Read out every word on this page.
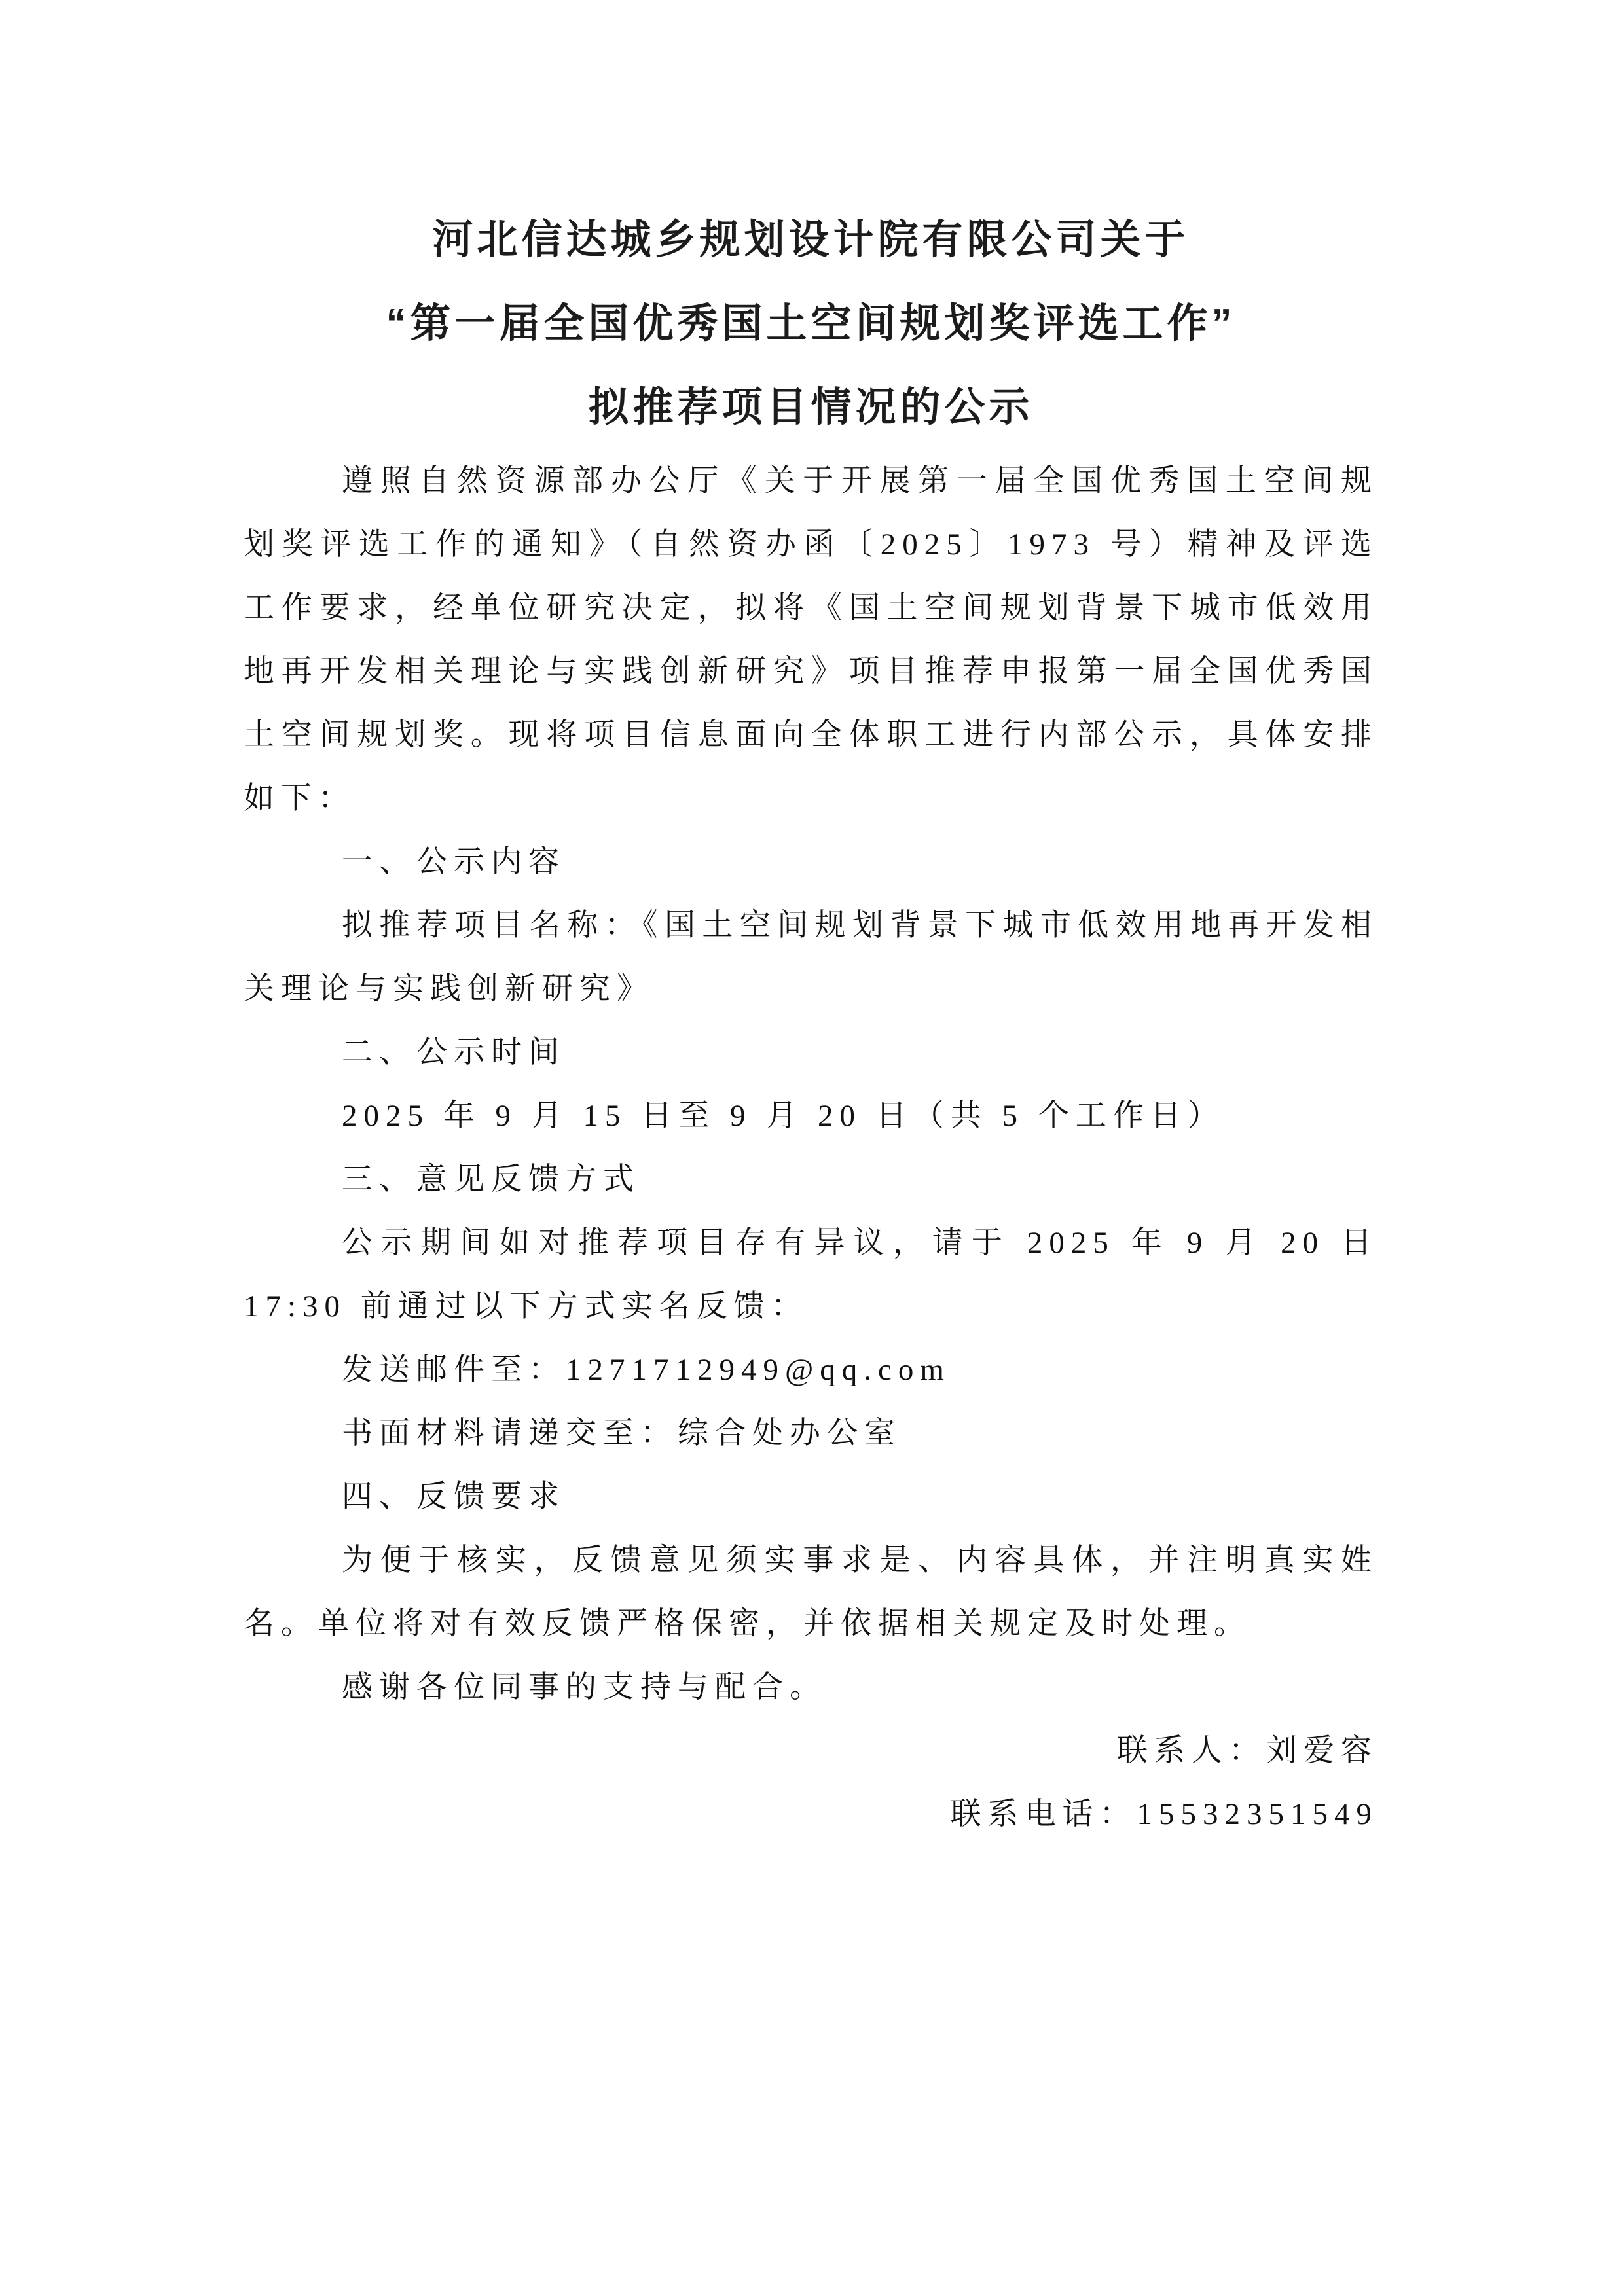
河北信达城乡规划设计院有限公司关于
“第一届全国优秀国土空间规划奖评选工作”
拟推荐项目情况的公示

遵照自然资源部办公厅《关于开展第一届全国优秀国土空间规划奖评选工作的通知》（自然资办函〔2025〕1973 号）精神及评选工作要求，经单位研究决定，拟将《国土空间规划背景下城市低效用地再开发相关理论与实践创新研究》项目推荐申报第一届全国优秀国土空间规划奖。现将项目信息面向全体职工进行内部公示，具体安排如下：

一、公示内容

拟推荐项目名称：《国土空间规划背景下城市低效用地再开发相关理论与实践创新研究》

二、公示时间

2025 年 9 月 15 日至 9 月 20 日（共 5 个工作日）

三、意见反馈方式

公示期间如对推荐项目存有异议，请于 2025 年 9 月 20 日 17:30 前通过以下方式实名反馈：

发送邮件至：1271712949@qq.com

书面材料请递交至：综合处办公室

四、反馈要求

为便于核实，反馈意见须实事求是、内容具体，并注明真实姓名。单位将对有效反馈严格保密，并依据相关规定及时处理。

感谢各位同事的支持与配合。

联系人：刘爱容

联系电话：15532351549
